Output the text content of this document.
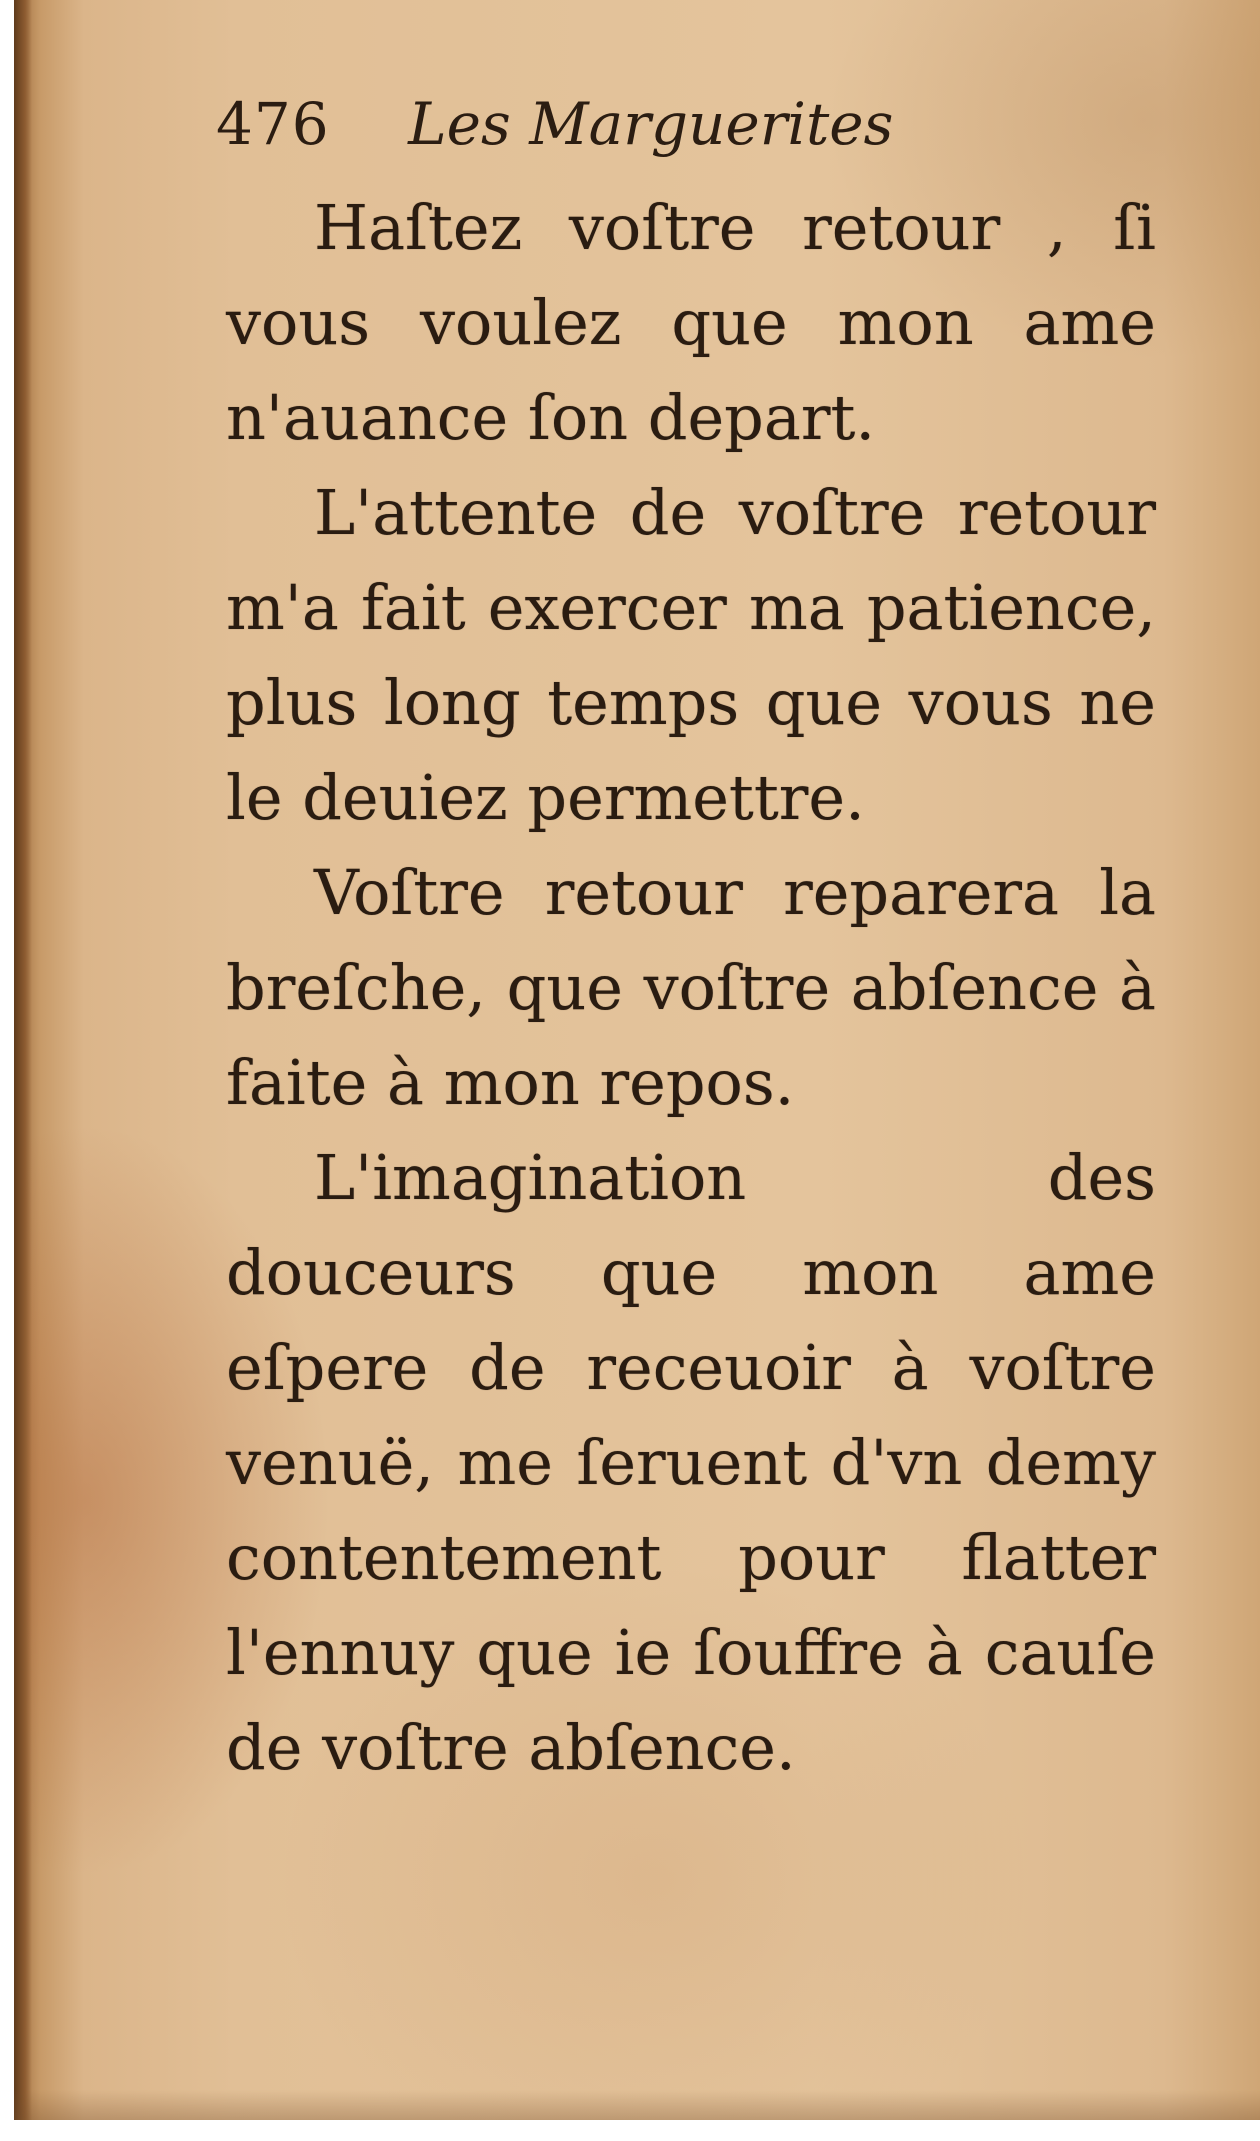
476 Les Marguerites

Haſtez voſtre retour , ſi vous voulez que mon ame n'auance ſon depart.

L'attente de voſtre retour m'a fait exercer ma patience, plus long temps que vous ne le deuiez permettre.

Voſtre retour reparera la breſche, que voſtre abſence à faite à mon repos.

L'imagination des douceurs que mon ame eſpere de receuoir à voſtre venuë, me ſeruent d'vn demy contentement pour flatter l'ennuy que ie ſouffre à cauſe de voſtre abſence.
